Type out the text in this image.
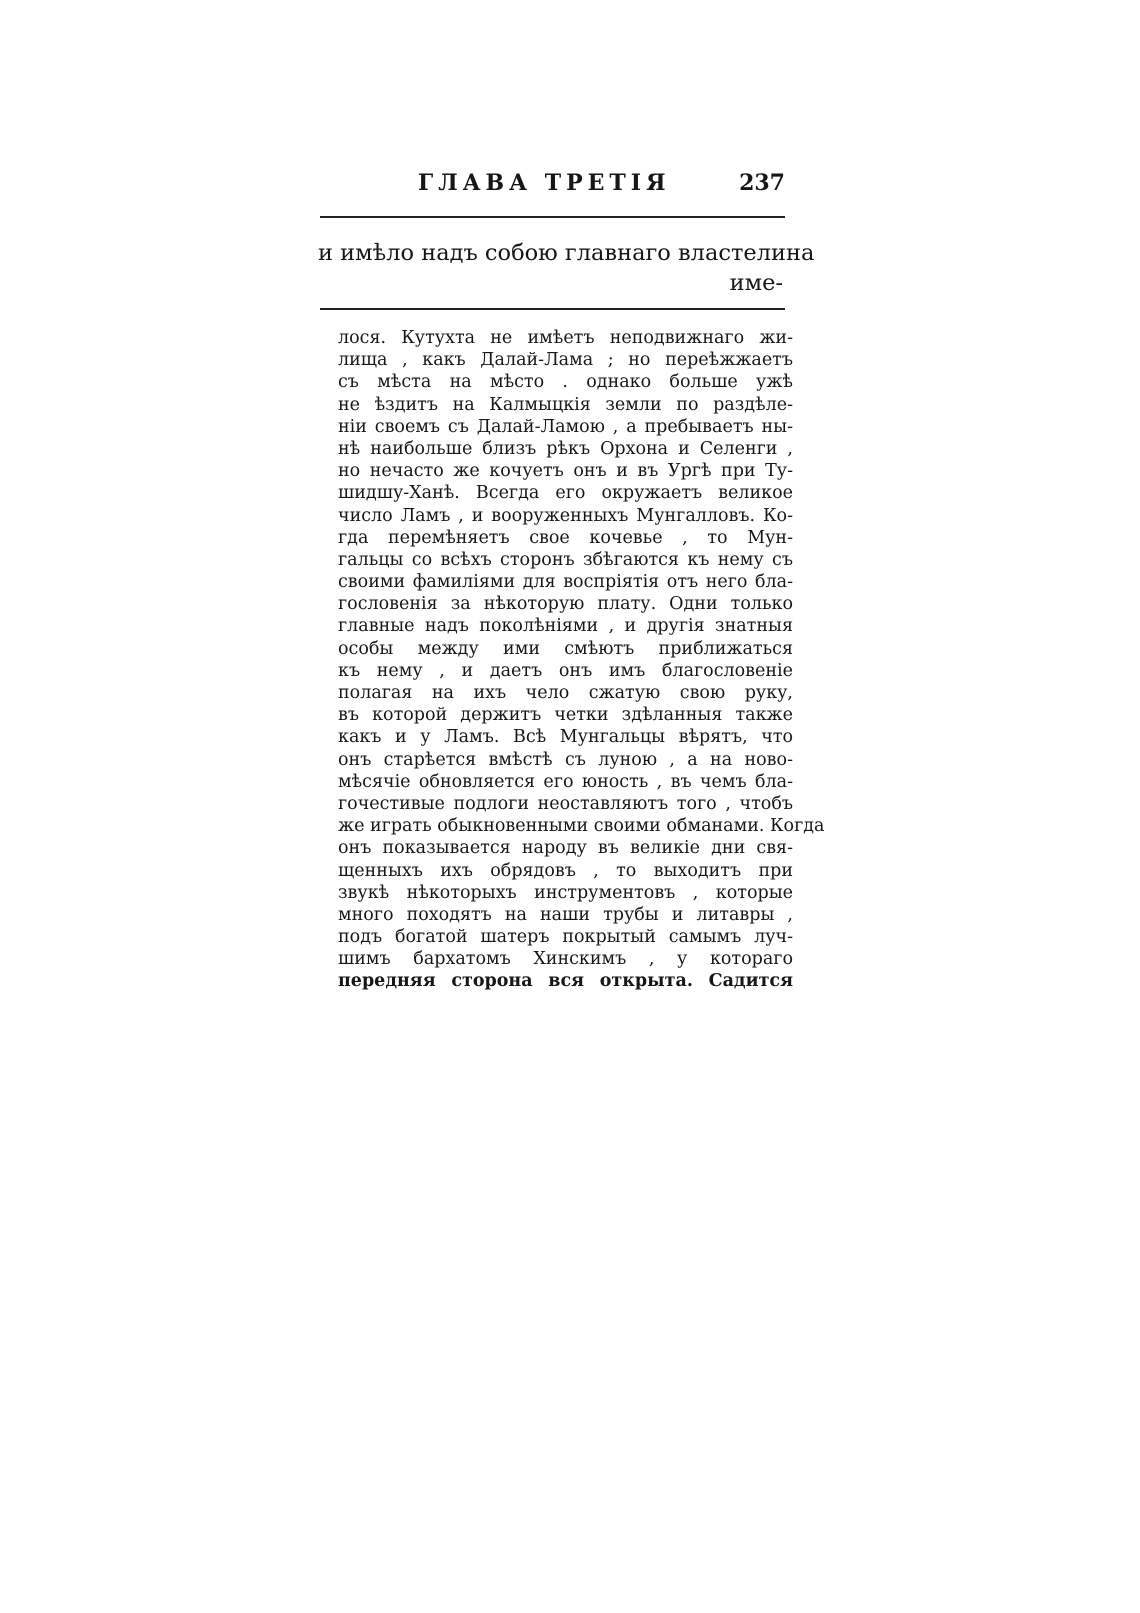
ГЛАВА ТРЕТІЯ	237
и имѣло надъ собою главнаго властелина
име-
лося. Кутухта не имѣетъ неподвижнаго жи-
лища , какъ Далай-Лама ; но переѣжжаетъ
съ мѣста на мѣсто . однако больше ужѣ
не ѣздитъ на Калмыцкія земли по раздѣле-
нiи своемъ съ Далай-Ламою , а пребываетъ ны-
нѣ наибольше близъ рѣкъ Орхона и Селенги ,
но нечасто же кочуетъ онъ и въ Ургѣ при Ту-
шидшу-Ханѣ. Всегда его окружаетъ великое
число Ламъ , и вооруженныхъ Мунгалловъ. Ко-
гда перемѣняетъ свое кочевье , то Мун-
гальцы со всѣхъ сторонъ збѣгаются къ нему съ
своими фамилiями для воспрiятія отъ него бла-
гословенія за нѣкоторую плату. Одни только
главные надъ поколѣнiями , и другія знатныя
особы между ими смѣютъ приближаться
къ нему , и даетъ онъ имъ благословеніе
полагая на ихъ чело сжатую свою руку,
въ которой держитъ четки здѣланныя также
какъ и у Ламъ. Всѣ Мунгальцы вѣрятъ, что
онъ старѣется вмѣстѣ съ луною , а на ново-
мѣсячіе обновляется его юность , въ чемъ бла-
гочестивые подлоги неоставляютъ того , чтобъ
же играть обыкновенными своими обманами. Когда
онъ показывается народу въ великіе дни свя-
щенныхъ ихъ обрядовъ , то выходитъ при
звукѣ нѣкоторыхъ инструментовъ , которые
много походятъ на наши трубы и литавры ,
подъ богатой шатеръ покрытый самымъ луч-
шимъ бархатомъ Хинскимъ , у котораго
передняя сторона вся открыта. Садится
